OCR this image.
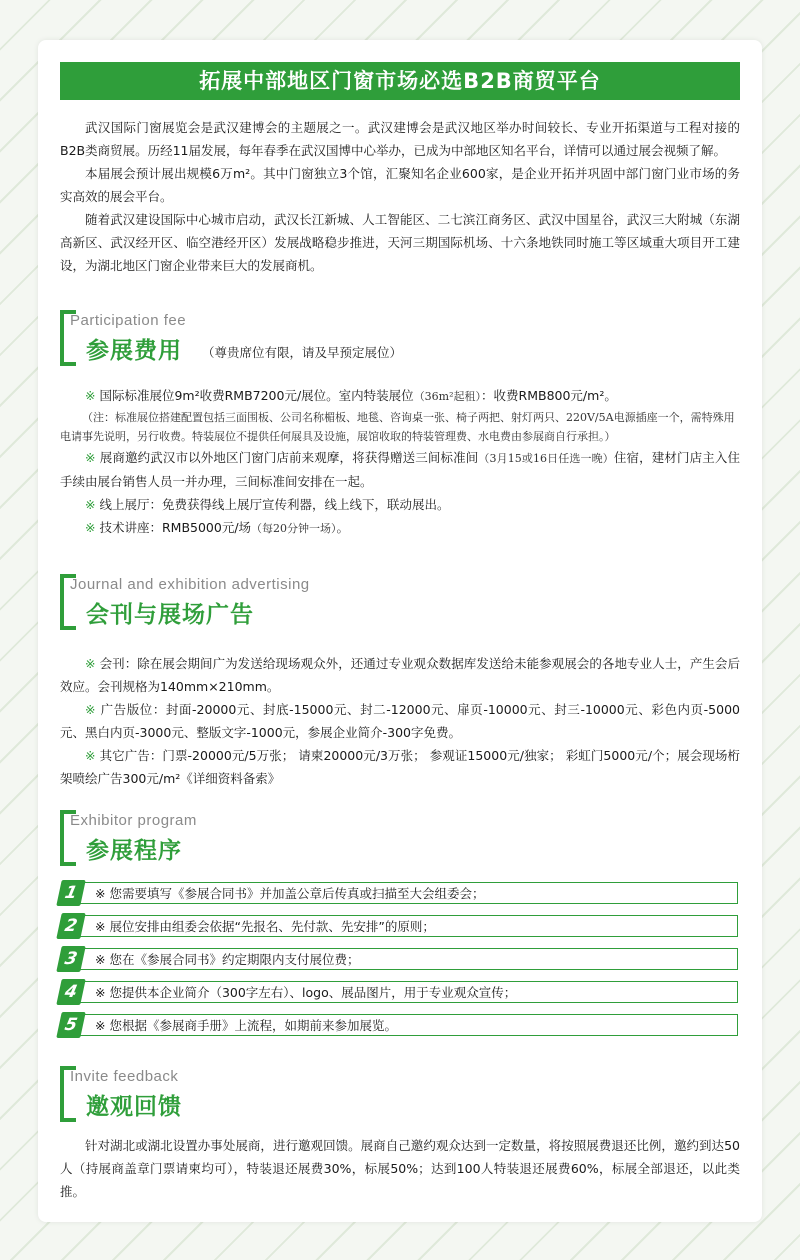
拓展中部地区门窗市场必选B2B商贸平台

武汉国际门窗展览会是武汉建博会的主题展之一。武汉建博会是武汉地区举办时间较长、专业开拓渠道与工程对接的B2B类商贸展。历经11届发展，每年春季在武汉国博中心举办，已成为中部地区知名平台，详情可以通过展会视频了解。

本届展会预计展出规模6万m²。其中门窗独立3个馆，汇聚知名企业600家，是企业开拓并巩固中部门窗门业市场的务实高效的展会平台。

随着武汉建设国际中心城市启动，武汉长江新城、人工智能区、二七滨江商务区、武汉中国星谷，武汉三大附城（东湖高新区、武汉经开区、临空港经开区）发展战略稳步推进，天河三期国际机场、十六条地铁同时施工等区域重大项目开工建设，为湖北地区门窗企业带来巨大的发展商机。

Participation fee
参展费用 （尊贵席位有限，请及早预定展位）

※ 国际标准展位9m²收费RMB7200元/展位。室内特装展位（36m²起租）：收费RMB800元/m²。

（注：标准展位搭建配置包括三面围板、公司名称楣板、地毯、咨询桌一张、椅子两把、射灯两只、220V/5A电源插座一个，需特殊用电请事先说明，另行收费。特装展位不提供任何展具及设施，展馆收取的特装管理费、水电费由参展商自行承担。）

※ 展商邀约武汉市以外地区门窗门店前来观摩，将获得赠送三间标准间（3月15或16日任选一晚）住宿，建材门店主入住手续由展台销售人员一并办理，三间标准间安排在一起。

※ 线上展厅：免费获得线上展厅宣传利器，线上线下，联动展出。

※ 技术讲座：RMB5000元/场（每20分钟一场）。

Journal and exhibition advertising
会刊与展场广告

※ 会刊：除在展会期间广为发送给现场观众外，还通过专业观众数据库发送给未能参观展会的各地专业人士，产生会后效应。会刊规格为140mm×210mm。

※ 广告版位：封面-20000元、封底-15000元、封二-12000元、扉页-10000元、封三-10000元、彩色内页-5000元、黑白内页-3000元、整版文字-1000元，参展企业简介-300字免费。

※ 其它广告：门票-20000元/5万张； 请柬20000元/3万张； 参观证15000元/独家； 彩虹门5000元/个；展会现场桁架喷绘广告300元/m²《详细资料备索》

Exhibitor program
参展程序
1	※ 您需要填写《参展合同书》并加盖公章后传真或扫描至大会组委会；
2	※ 展位安排由组委会依据“先报名、先付款、先安排”的原则；
3	※ 您在《参展合同书》约定期限内支付展位费；
4	※ 您提供本企业简介（300字左右）、logo、展品图片，用于专业观众宣传；
5	※ 您根据《参展商手册》上流程，如期前来参加展览。
Invite feedback
邀观回馈

针对湖北或湖北设置办事处展商，进行邀观回馈。展商自己邀约观众达到一定数量，将按照展费退还比例，邀约到达50人（持展商盖章门票请柬均可），特装退还展费30%，标展50%；达到100人特装退还展费60%，标展全部退还，以此类推。
